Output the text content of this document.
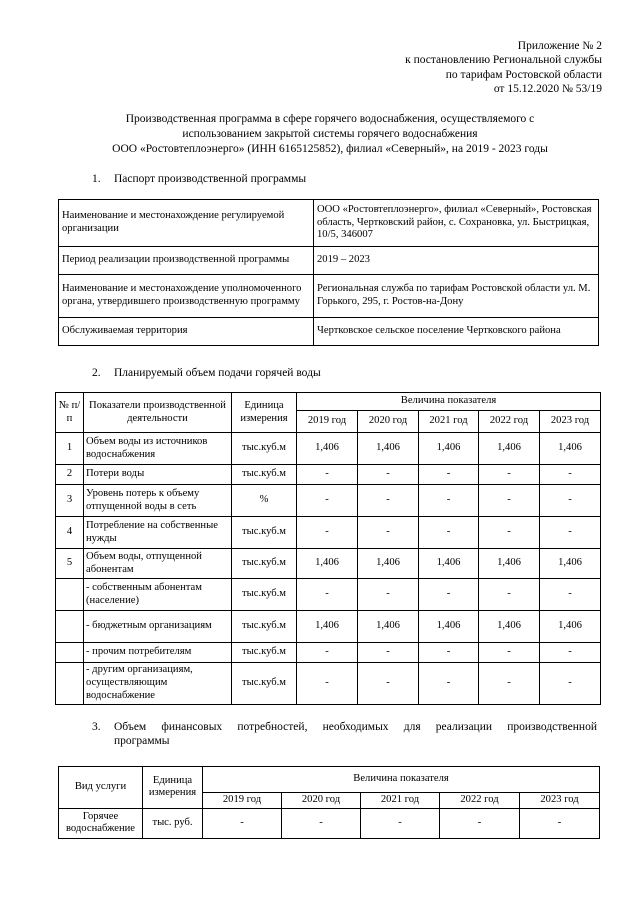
Приложение № 2
к постановлению Региональной службы
по тарифам Ростовской области
от 15.12.2020 № 53/19
Производственная программа в сфере горячего водоснабжения, осуществляемого с
использованием закрытой системы горячего водоснабжения
ООО «Ростовтеплоэнерго» (ИНН 6165125852), филиал «Северный», на 2019 - 2023 годы
1. Паспорт производственной программы
Наименование и местонахождение регулируемой организации	ООО «Ростовтеплоэнерго», филиал «Северный», Ростовская область, Чертковский район, с. Сохрановка, ул. Быстрицкая, 10/5, 346007
Период реализации производственной программы	2019 – 2023
Наименование и местонахождение уполномоченного органа, утвердившего производственную программу	Региональная служба по тарифам Ростовской области ул. М. Горького, 295, г. Ростов-на-Дону
Обслуживаемая территория	Чертковское сельское поселение Чертковского района
2. Планируемый объем подачи горячей воды
№ п/п	Показатели производственной деятельности	Единица измерения	Величина показателя				
			2019 год	2020 год	2021 год	2022 год	2023 год
1	Объем воды из источников водоснабжения	тыс.куб.м	1,406	1,406	1,406	1,406	1,406
2	Потери воды	тыс.куб.м	-	-	-	-	-
3	Уровень потерь к объему отпущенной воды в сеть	%	-	-	-	-	-
4	Потребление на собственные нужды	тыс.куб.м	-	-	-	-	-
5	Объем воды, отпущенной абонентам	тыс.куб.м	1,406	1,406	1,406	1,406	1,406
	- собственным абонентам (население)	тыс.куб.м	-	-	-	-	-
	- бюджетным организациям	тыс.куб.м	1,406	1,406	1,406	1,406	1,406
	- прочим потребителям	тыс.куб.м	-	-	-	-	-
	- другим организациям, осуществляющим водоснабжение	тыс.куб.м	-	-	-	-	-
3. Объем финансовых потребностей, необходимых для реализации производственной
программы
Вид услуги	Единица измерения	Величина показателя				
		2019 год	2020 год	2021 год	2022 год	2023 год
Горячее водоснабжение	тыс. руб.	-	-	-	-	-
